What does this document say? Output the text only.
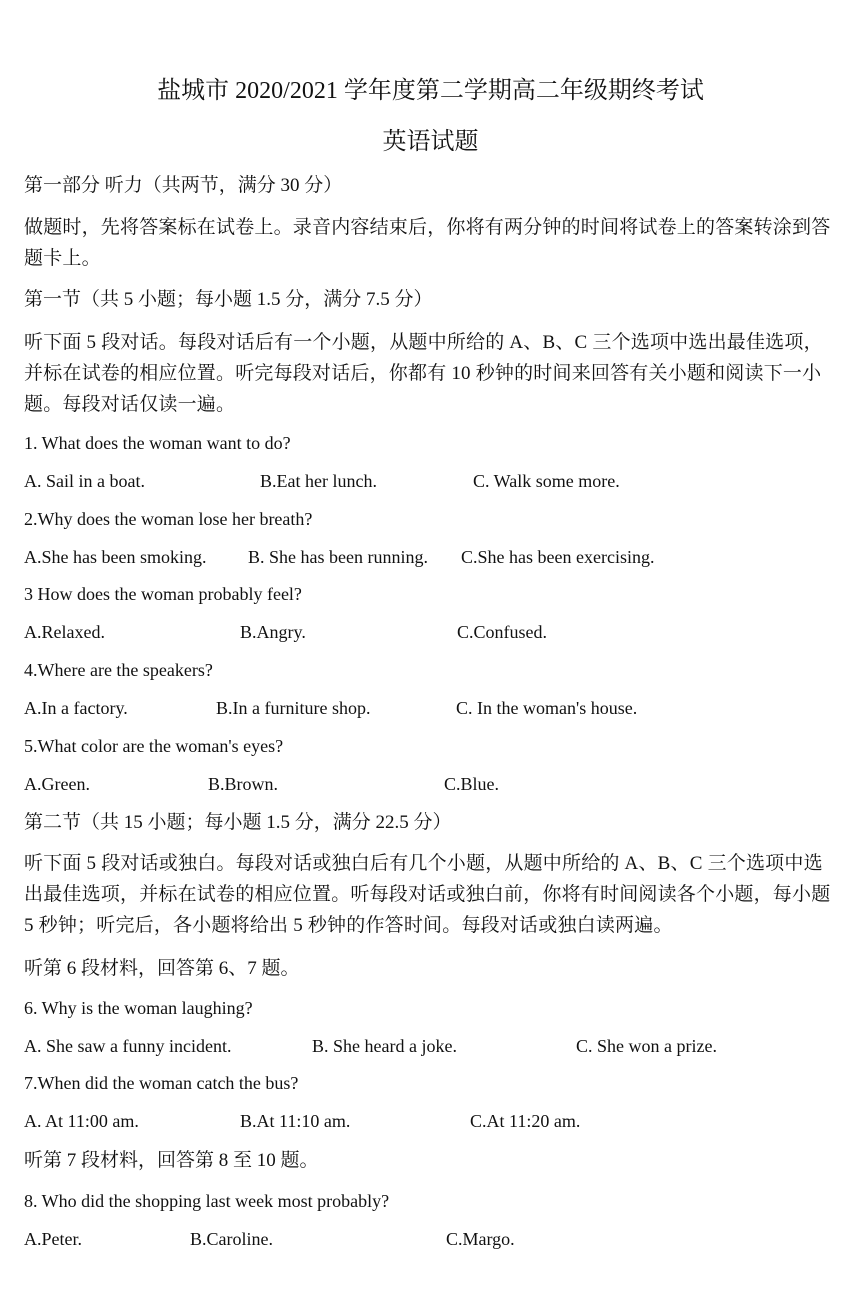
盐城市 2020/2021 学年度第二学期高二年级期终考试
英语试题
第一部分 听力（共两节，满分 30 分）
做题时，先将答案标在试卷上。录音内容结束后，你将有两分钟的时间将试卷上的答案转涂到答题卡上。
第一节（共 5 小题；每小题 1.5 分，满分 7.5 分）
听下面 5 段对话。每段对话后有一个小题，从题中所给的 A、B、C 三个选项中选出最佳选项，并标在试卷的相应位置。听完每段对话后，你都有 10 秒钟的时间来回答有关小题和阅读下一小题。每段对话仅读一遍。
1. What does the woman want to do?
A. Sail in a boat.	B.Eat her lunch.	C. Walk some more.
2.Why does the woman lose her breath?
A.She has been smoking. B. She has been running. C.She has been exercising.
3 How does the woman probably feel?
A.Relaxed.	B.Angry.	C.Confused.
4.Where are the speakers?
A.In a factory.	B.In a furniture shop.	C. In the woman's house.
5.What color are the woman's eyes?
A.Green.	B.Brown.	C.Blue.
第二节（共 15 小题；每小题 1.5 分，满分 22.5 分）
听下面 5 段对话或独白。每段对话或独白后有几个小题，从题中所给的 A、B、C 三个选项中选出最佳选项，并标在试卷的相应位置。听每段对话或独白前，你将有时间阅读各个小题，每小题 5 秒钟；听完后，各小题将给出 5 秒钟的作答时间。每段对话或独白读两遍。
听第 6 段材料，回答第 6、7 题。
6. Why is the woman laughing?
A. She saw a funny incident.	B. She heard a joke.	C. She won a prize.
7.When did the woman catch the bus?
A. At 11:00 am.	B.At 11:10 am.	C.At 11:20 am.
听第 7 段材料，回答第 8 至 10 题。
8. Who did the shopping last week most probably?
A.Peter.	B.Caroline.	C.Margo.
